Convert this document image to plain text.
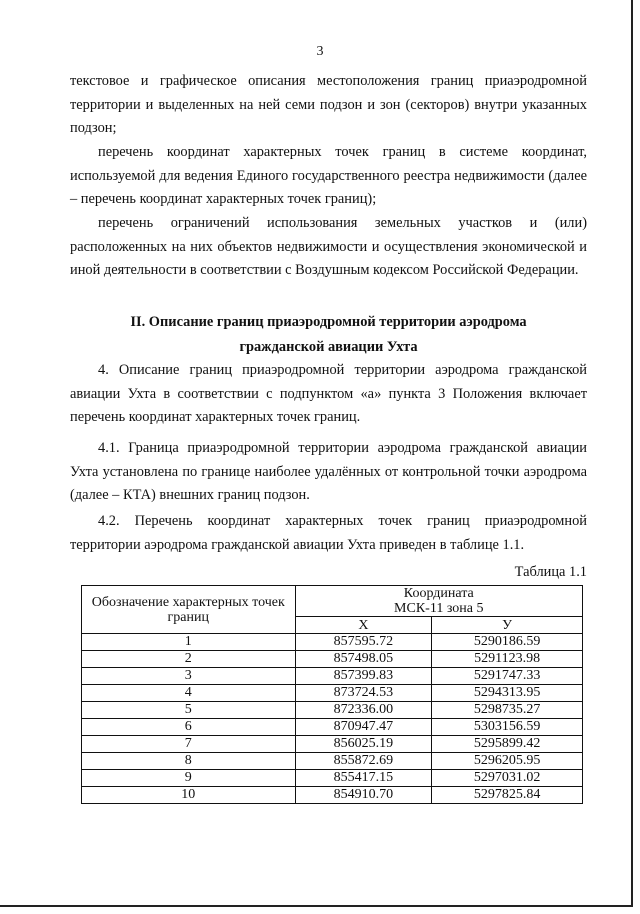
3
текстовое и графическое описания местоположения границ приаэродромной территории и выделенных на ней семи подзон и зон (секторов) внутри указанных подзон;
перечень координат характерных точек границ в системе координат, используемой для ведения Единого государственного реестра недвижимости (далее – перечень координат характерных точек границ);
перечень ограничений использования земельных участков и (или) расположенных на них объектов недвижимости и осуществления экономической и иной деятельности в соответствии с Воздушным кодексом Российской Федерации.
II. Описание границ приаэродромной территории аэродрома
гражданской авиации Ухта
4. Описание границ приаэродромной территории аэродрома гражданской авиации Ухта в соответствии с подпунктом «а» пункта 3 Положения включает перечень координат характерных точек границ.
4.1. Граница приаэродромной территории аэродрома гражданской авиации Ухта установлена по границе наиболее удалённых от контрольной точки аэродрома (далее – КТА) внешних границ подзон.
4.2. Перечень координат характерных точек границ приаэродромной территории аэродрома гражданской авиации Ухта приведен в таблице 1.1.
Таблица 1.1
Обозначение характерных точек границ	Координата
МСК-11 зона 5	

	Х	У
1	857595.72	5290186.59
2	857498.05	5291123.98
3	857399.83	5291747.33
4	873724.53	5294313.95
5	872336.00	5298735.27
6	870947.47	5303156.59
7	856025.19	5295899.42
8	855872.69	5296205.95
9	855417.15	5297031.02
10	854910.70	5297825.84
